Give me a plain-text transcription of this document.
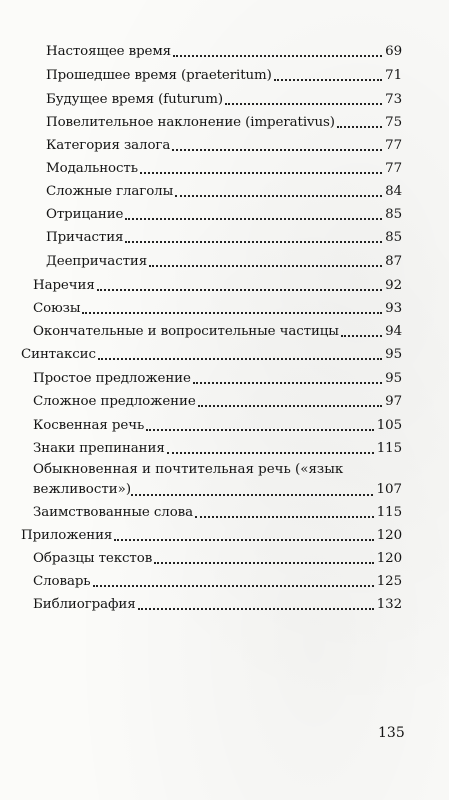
Настоящее время	69
Прошедшее время (praeteritum)	71
Будущее время (futurum)	73
Повелительное наклонение (imperativus)	75
Категория залога	77
Модальность	77
Сложные глаголы	84
Отрицание	85
Причастия	85
Деепричастия	87
Наречия	92
Союзы	93
Окончательные и вопросительные частицы	94
Синтаксис	95
Простое предложение	95
Сложное предложение	97
Косвенная речь	105
Знаки препинания	115
Обыкновенная и почтительная речь («язык
вежливости»)	107
Заимствованные слова	115
Приложения	120
Образцы текстов	120
Словарь	125
Библиография	132
135
